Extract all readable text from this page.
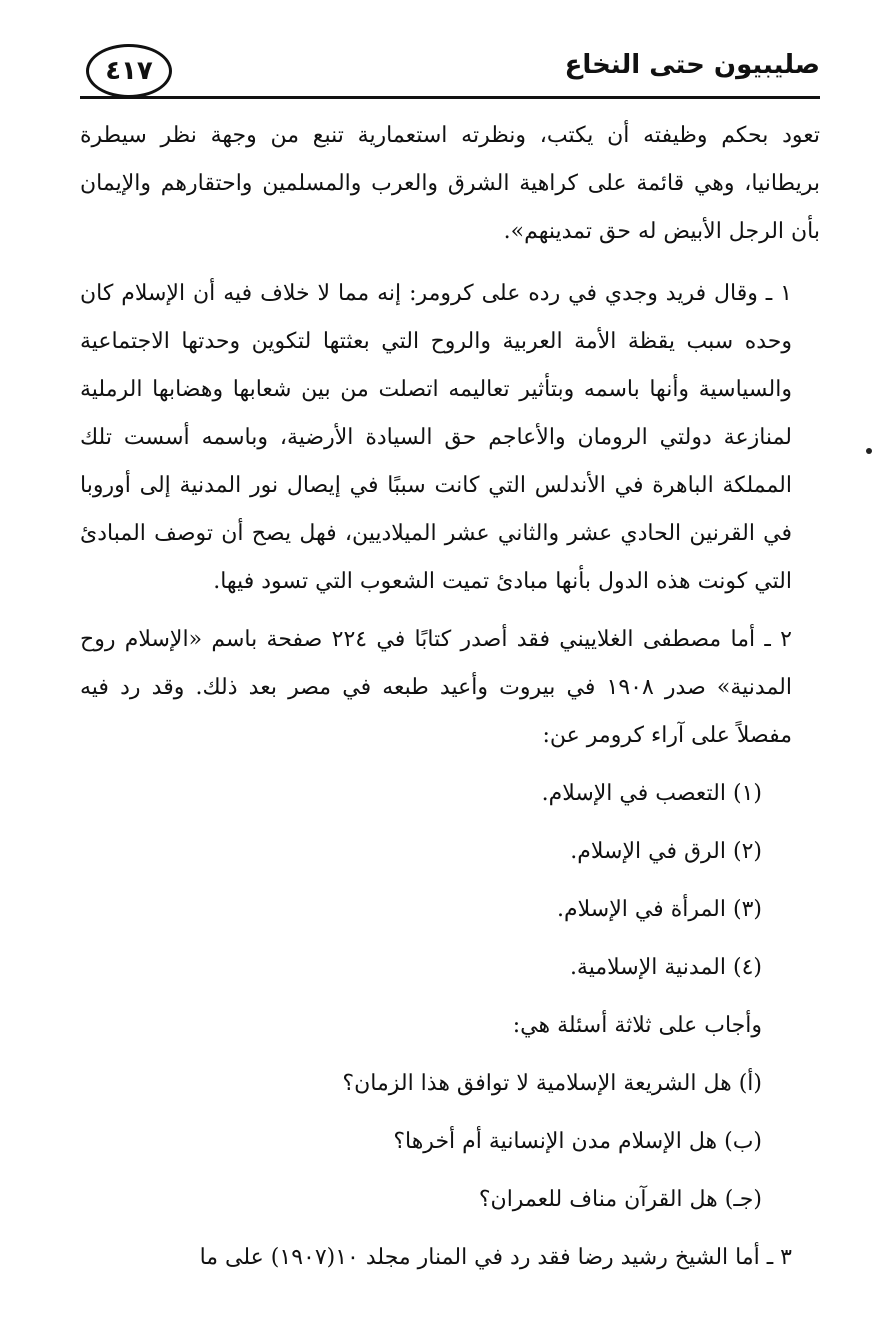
صليبيون حتى النخاع
٤١٧

تعود بحكم وظيفته أن يكتب، ونظرته استعمارية تنبع من وجهة نظر سيطرة بريطانيا، وهي قائمة على كراهية الشرق والعرب والمسلمين واحتقارهم والإيمان بأن الرجل الأبيض له حق تمدينهم».

١ ـ وقال فريد وجدي في رده على كرومر: إنه مما لا خلاف فيه أن الإسلام كان وحده سبب يقظة الأمة العربية والروح التي بعثتها لتكوين وحدتها الاجتماعية والسياسية وأنها باسمه وبتأثير تعاليمه اتصلت من بين شعابها وهضابها الرملية لمنازعة دولتي الرومان والأعاجم حق السيادة الأرضية، وباسمه أسست تلك المملكة الباهرة في الأندلس التي كانت سببًا في إيصال نور المدنية إلى أوروبا في القرنين الحادي عشر والثاني عشر الميلاديين، فهل يصح أن توصف المبادئ التي كونت هذه الدول بأنها مبادئ تميت الشعوب التي تسود فيها.

٢ ـ أما مصطفى الغلاييني فقد أصدر كتابًا في ٢٢٤ صفحة باسم «الإسلام روح المدنية» صدر ١٩٠٨ في بيروت وأعيد طبعه في مصر بعد ذلك. وقد رد فيه مفصلاً على آراء كرومر عن:

(١) التعصب في الإسلام.

(٢) الرق في الإسلام.

(٣) المرأة في الإسلام.

(٤) المدنية الإسلامية.

وأجاب على ثلاثة أسئلة هي:

(أ) هل الشريعة الإسلامية لا توافق هذا الزمان؟

(ب) هل الإسلام مدن الإنسانية أم أخرها؟

(جـ) هل القرآن مناف للعمران؟

٣ ـ أما الشيخ رشيد رضا فقد رد في المنار مجلد ١٠(١٩٠٧) على ما
